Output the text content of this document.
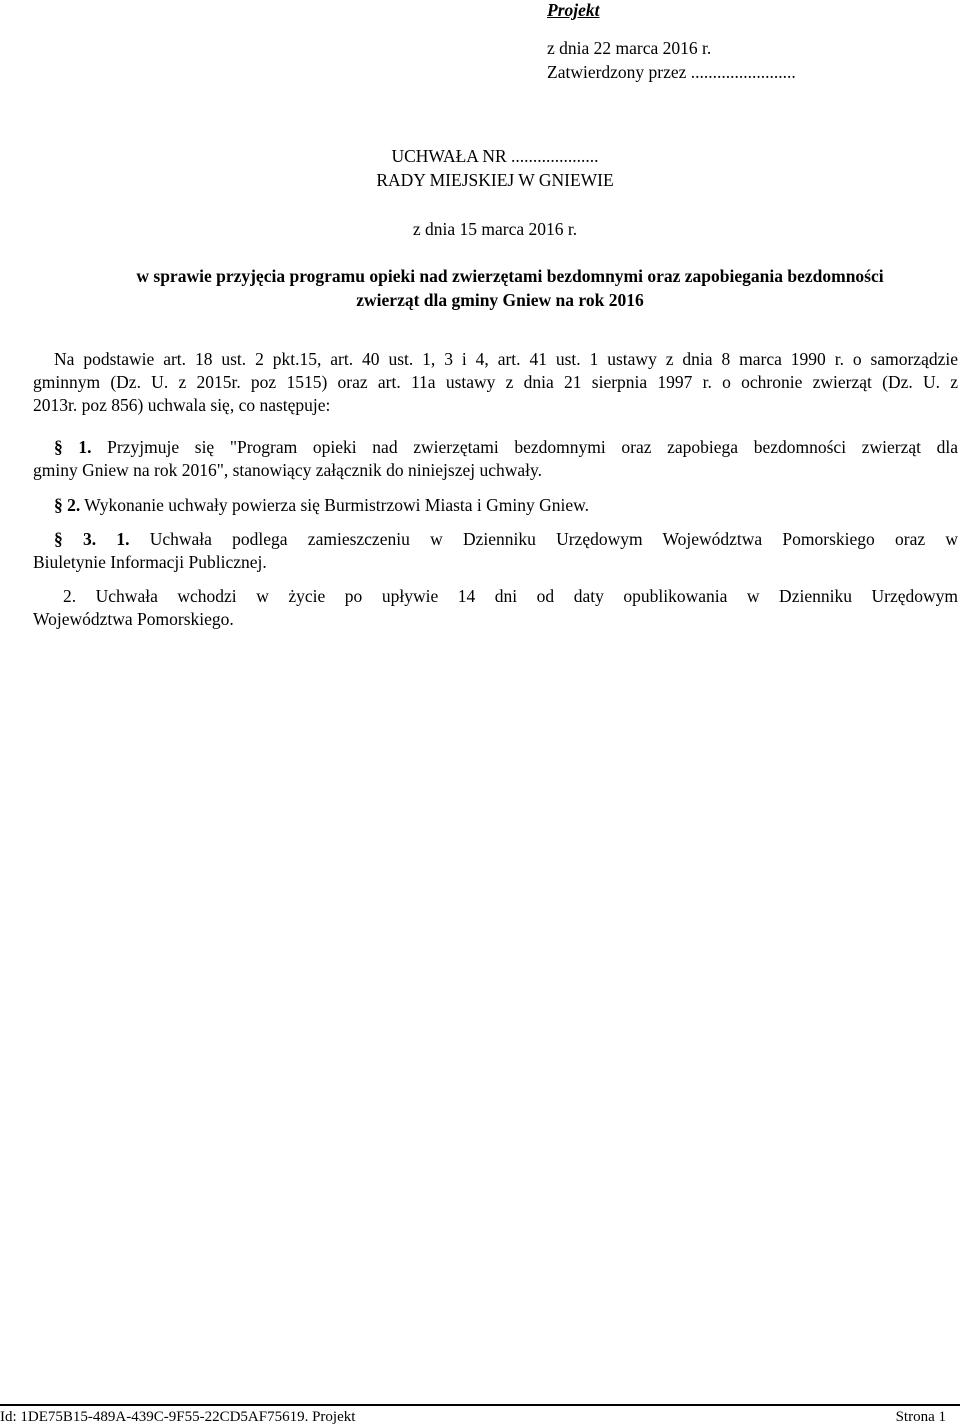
Projekt
z dnia 22 marca 2016 r.
Zatwierdzony przez ........................
UCHWAŁA NR ....................
RADY MIEJSKIEJ W GNIEWIE
z dnia 15 marca 2016 r.
w sprawie przyjęcia programu opieki nad zwierzętami bezdomnymi oraz zapobiegania bezdomności
zwierząt dla gminy Gniew na rok 2016
Na podstawie art. 18 ust. 2 pkt.15, art. 40 ust. 1, 3 i 4, art. 41 ust. 1 ustawy z dnia 8 marca 1990 r. o samorządzie
gminnym (Dz. U. z 2015r. poz 1515) oraz art. 11a ustawy z dnia 21 sierpnia 1997 r. o ochronie zwierząt (Dz. U. z
2013r. poz 856) uchwala się, co następuje:
§ 1. Przyjmuje się "Program opieki nad zwierzętami bezdomnymi oraz zapobiega bezdomności zwierząt dla
gminy Gniew na rok 2016", stanowiący załącznik do niniejszej uchwały.
§ 2. Wykonanie uchwały powierza się Burmistrzowi Miasta i Gminy Gniew.
§ 3. 1. Uchwała podlega zamieszczeniu w Dzienniku Urzędowym Województwa Pomorskiego oraz w
Biuletynie Informacji Publicznej.
2. Uchwała wchodzi w życie po upływie 14 dni od daty opublikowania w Dzienniku Urzędowym
Województwa Pomorskiego.
Id: 1DE75B15-489A-439C-9F55-22CD5AF75619. Projekt	Strona 1
